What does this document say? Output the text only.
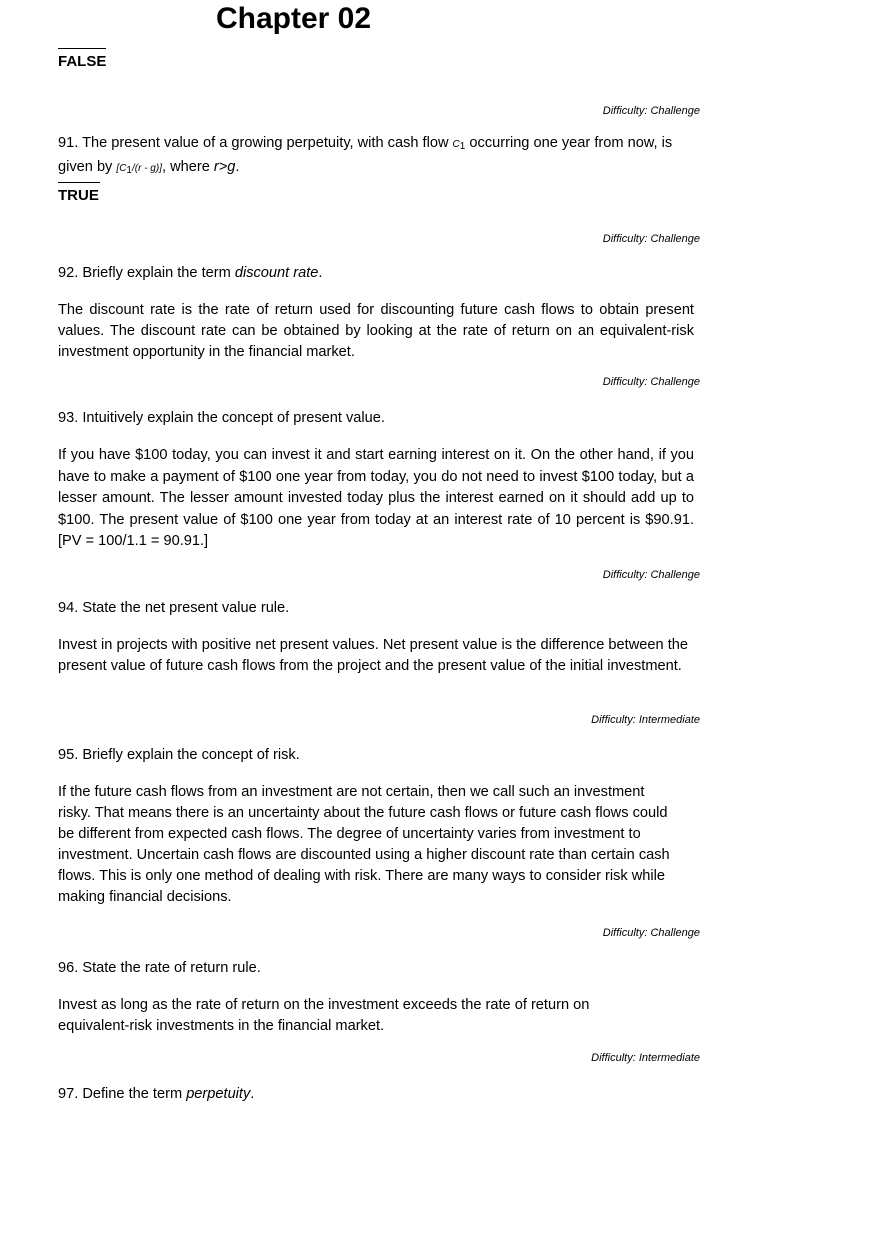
Chapter 02
FALSE
Difficulty: Challenge
91. The present value of a growing perpetuity, with cash flow $C_1$ occurring one year from now, is given by $[C_1/(r - g)]$, where r>g.
TRUE
Difficulty: Challenge
92. Briefly explain the term discount rate.
The discount rate is the rate of return used for discounting future cash flows to obtain present values. The discount rate can be obtained by looking at the rate of return on an equivalent-risk investment opportunity in the financial market.
Difficulty: Challenge
93. Intuitively explain the concept of present value.
If you have $100 today, you can invest it and start earning interest on it. On the other hand, if you have to make a payment of $100 one year from today, you do not need to invest $100 today, but a lesser amount. The lesser amount invested today plus the interest earned on it should add up to $100. The present value of $100 one year from today at an interest rate of 10 percent is $90.91. [PV = 100/1.1 = 90.91.]
Difficulty: Challenge
94. State the net present value rule.
Invest in projects with positive net present values. Net present value is the difference between the present value of future cash flows from the project and the present value of the initial investment.
Difficulty: Intermediate
95. Briefly explain the concept of risk.
If the future cash flows from an investment are not certain, then we call such an investment risky. That means there is an uncertainty about the future cash flows or future cash flows could be different from expected cash flows. The degree of uncertainty varies from investment to investment. Uncertain cash flows are discounted using a higher discount rate than certain cash flows. This is only one method of dealing with risk. There are many ways to consider risk while making financial decisions.
Difficulty: Challenge
96. State the rate of return rule.
Invest as long as the rate of return on the investment exceeds the rate of return on equivalent-risk investments in the financial market.
Difficulty: Intermediate
97. Define the term perpetuity.
